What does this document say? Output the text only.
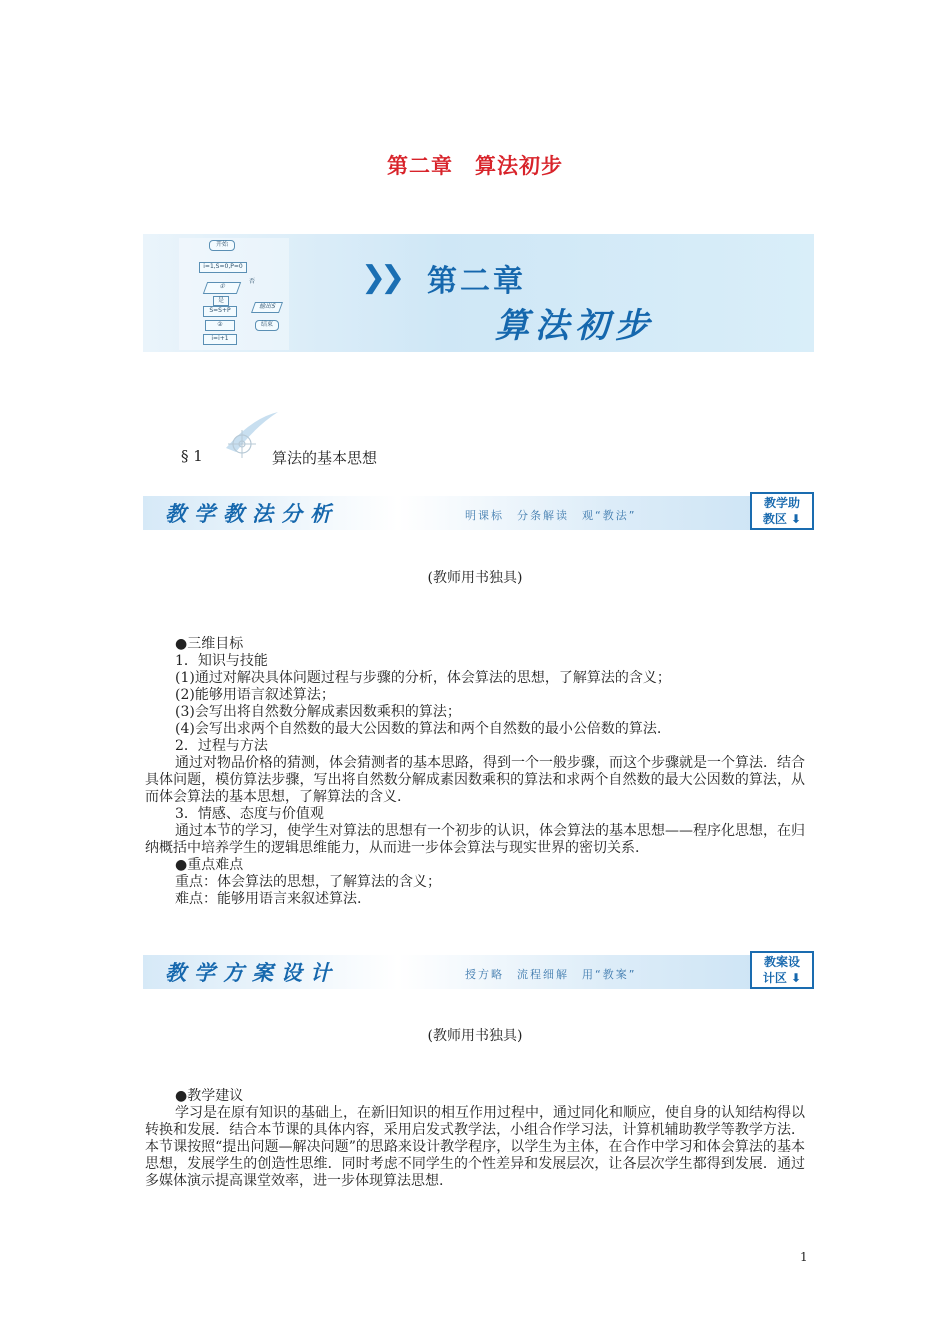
第二章　算法初步
开始
i=1,S=0,P=0
①
否
是
S=S+P
②
i=i+1
输出S
结束
❯❯ 第二章
算法初步
§ 1	算法的基本思想
教学教法分析	明课标　分条解读　观“教法”
教学助
教区 ⬇
(教师用书独具)
●三维目标
1．知识与技能
(1)通过对解决具体问题过程与步骤的分析，体会算法的思想，了解算法的含义；
(2)能够用语言叙述算法；
(3)会写出将自然数分解成素因数乘积的算法；
(4)会写出求两个自然数的最大公因数的算法和两个自然数的最小公倍数的算法.
2．过程与方法
通过对物品价格的猜测，体会猜测者的基本思路，得到一个一般步骤，而这个步骤就是一个算法．结合具体问题，模仿算法步骤，写出将自然数分解成素因数乘积的算法和求两个自然数的最大公因数的算法，从而体会算法的基本思想，了解算法的含义.
3．情感、态度与价值观
通过本节的学习，使学生对算法的思想有一个初步的认识，体会算法的基本思想——程序化思想，在归纳概括中培养学生的逻辑思维能力，从而进一步体会算法与现实世界的密切关系.
●重点难点
重点：体会算法的思想，了解算法的含义；
难点：能够用语言来叙述算法.
教学方案设计	授方略　流程细解　用“教案”
教案设
计区 ⬇
(教师用书独具)
●教学建议
学习是在原有知识的基础上，在新旧知识的相互作用过程中，通过同化和顺应，使自身的认知结构得以转换和发展．结合本节课的具体内容，采用启发式教学法，小组合作学习法，计算机辅助教学等教学方法．本节课按照“提出问题—解决问题”的思路来设计教学程序，以学生为主体，在合作中学习和体会算法的基本思想，发展学生的创造性思维．同时考虑不同学生的个性差异和发展层次，让各层次学生都得到发展．通过多媒体演示提高课堂效率，进一步体现算法思想.
1
